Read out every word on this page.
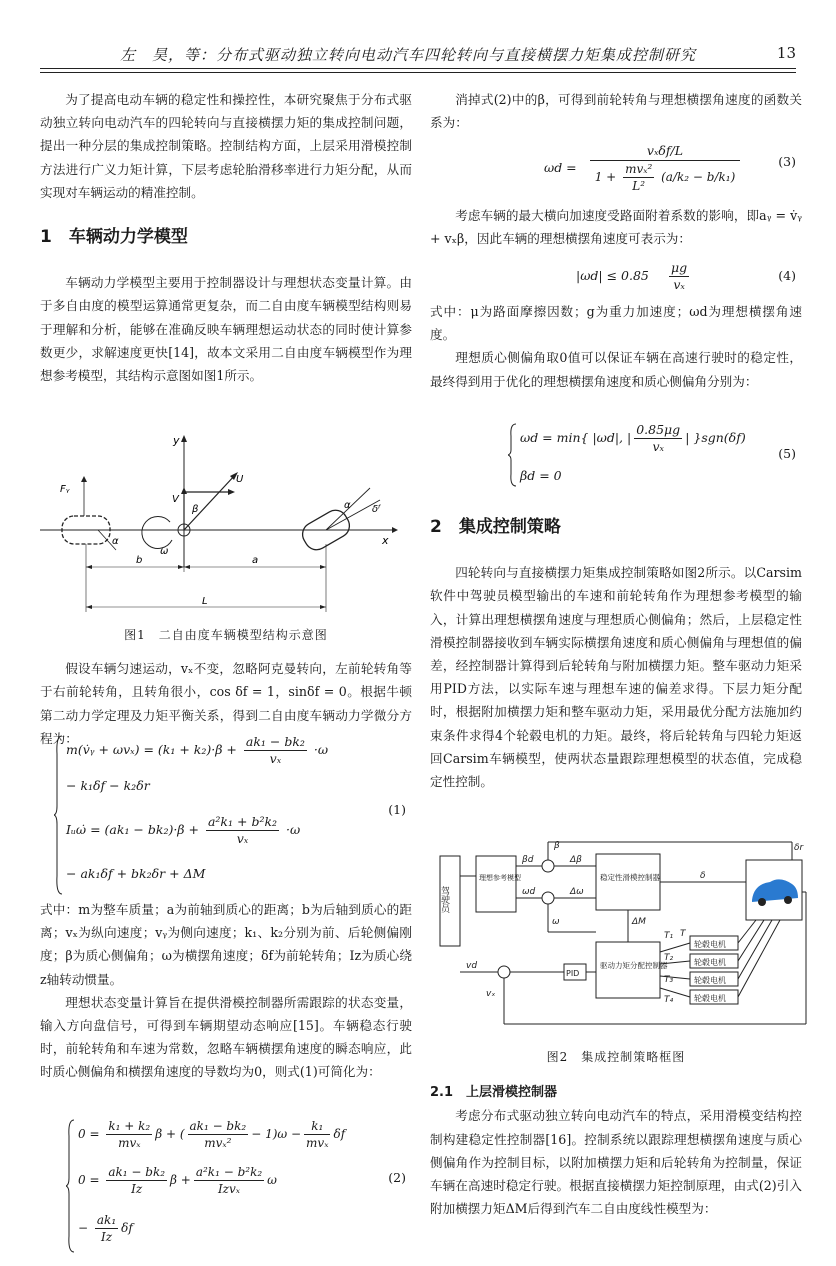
左　昊，等：分布式驱动独立转向电动汽车四轮转向与直接横摆力矩集成控制研究	13

为了提高电动车辆的稳定性和操控性，本研究聚焦于分布式驱动独立转向电动汽车的四轮转向与直接横摆力矩的集成控制问题，提出一种分层的集成控制策略。控制结构方面，上层采用滑模控制方法进行广义力矩计算，下层考虑轮胎滑移率进行力矩分配，从而实现对车辆运动的精准控制。

1　车辆动力学模型

车辆动力学模型主要用于控制器设计与理想状态变量计算。由于多自由度的模型运算通常更复杂，而二自由度车辆模型结构则易于理解和分析，能够在准确反映车辆理想运动状态的同时使计算参数更少，求解速度更快[14]，故本文采用二自由度车辆模型作为理想参考模型，其结构示意图如图1所示。

x
y
Fᵧ
α
ω
V
U
β	α δᶠ
b	a
L
图1　二自由度车辆模型结构示意图

假设车辆匀速运动，vₓ不变，忽略阿克曼转向，左前轮转角等于右前轮转角，且转角很小，cos δf = 1，sinδf = 0。根据牛顿第二动力学定理及力矩平衡关系，得到二自由度车辆动力学微分方程为：

m(v̇ᵧ + $\omega v_x) = (k_1 + k_2)\cdot\beta + \frac{\text{ak₁ − bk₂}}{\text{vₓ}} \cdot\omega$
− k₁δf − k₂δr
Iᵤω̇ = $(ak_1 - bk_2)\cdot\beta + \frac{\text{a²k₁ + b²k₂}}{\text{vₓ}} \cdot\omega$
− ak₁δf + bk₂δr + ΔM
(1)

式中：m为整车质量；a为前轴到质心的距离；b为后轴到质心的距离；vₓ为纵向速度；vᵧ为侧向速度；k₁、k₂分别为前、后轮侧偏刚度；β为质心侧偏角；ω为横摆角速度；δf为前轮转角；Iz为质心绕z轴转动惯量。

理想状态变量计算旨在提供滑模控制器所需跟踪的状态变量，输入方向盘信号，可得到车辆期望动态响应[15]。车辆稳态行驶时，前轮转角和车速为常数，忽略车辆横摆角速度的瞬态响应，此时质心侧偏角和横摆角速度的导数均为0，则式(1)可简化为：

$0 = \frac{\text{k₁ + k₂}}{\text{mvₓ}}$ β + ( $\frac{\text{ak₁ − bk₂}}{\text{mvₓ²}} - 1)\omega - \frac{\text{k₁}}{\text{mvₓ}}$ δf
$0 = \frac{\text{ak₁ − bk₂}}{Iz}$ $\beta + \frac{\text{a²k₁ − b²k₂}}{\text{Izvₓ}}$ ω
− $\frac{\text{ak₁}}{Iz}$ δf
(2)

消掉式(2)中的β，可得到前轮转角与理想横摆角速度的函数关系为：

ωd =
vₓδf/L
$1 + \frac{\text{mvₓ²}}{\text{L²}} (a/k_2 - b/k_1)$
(3)

考虑车辆的最大横向加速度受路面附着系数的影响，即aᵧ = v̇ᵧ + vₓβ，因此车辆的理想横摆角速度可表示为：

$|\omega d| \le 0.85 \frac{\mu g}{\text{vₓ}}$	(4)

式中：μ为路面摩擦因数；g为重力加速度；ωd为理想横摆角速度。

理想质心侧偏角取0值可以保证车辆在高速行驶时的稳定性，最终得到用于优化的理想横摆角速度和质心侧偏角分别为：

ωd = min{ |ωd|, | $\frac{0.85\mu g}{\text{vₓ}}$ | }sgn(δf)
βd = 0
(5)

2　集成控制策略

四轮转向与直接横摆力矩集成控制策略如图2所示。以Carsim软件中驾驶员模型输出的车速和前轮转角作为理想参考模型的输入，计算出理想横摆角速度与理想质心侧偏角；然后，上层稳定性滑模控制器接收到车辆实际横摆角速度和质心侧偏角与理想值的偏差，经控制器计算得到后轮转角与附加横摆力矩。整车驱动力矩采用PID方法，以实际车速与理想车速的偏差求得。下层力矩分配时，根据附加横摆力矩和整车驱动力矩，采用最优分配方法施加约束条件求得4个轮毂电机的力矩。最终，将后轮转角与四轮力矩返回Carsim车辆模型，使两状态量跟踪理想模型的状态值，完成稳定性控制。

驾驶员
理想参考模型	稳定性滑模控制器
驱动力矩分配控制器
PID
轮毂电机
轮毂电机
轮毂电机
轮毂电机
βd
ωd
β
ω
Δβ
Δω
ΔM
δ
δr
vd
vₓ
T₁
T₂
T₃
T₄
T
图2　集成控制策略框图

2.1　上层滑模控制器

考虑分布式驱动独立转向电动汽车的特点，采用滑模变结构控制构建稳定性控制器[16]。控制系统以跟踪理想横摆角速度与质心侧偏角作为控制目标，以附加横摆力矩和后轮转角为控制量，保证车辆在高速时稳定行驶。根据直接横摆力矩控制原理，由式(2)引入附加横摆力矩ΔM后得到汽车二自由度线性模型为：
